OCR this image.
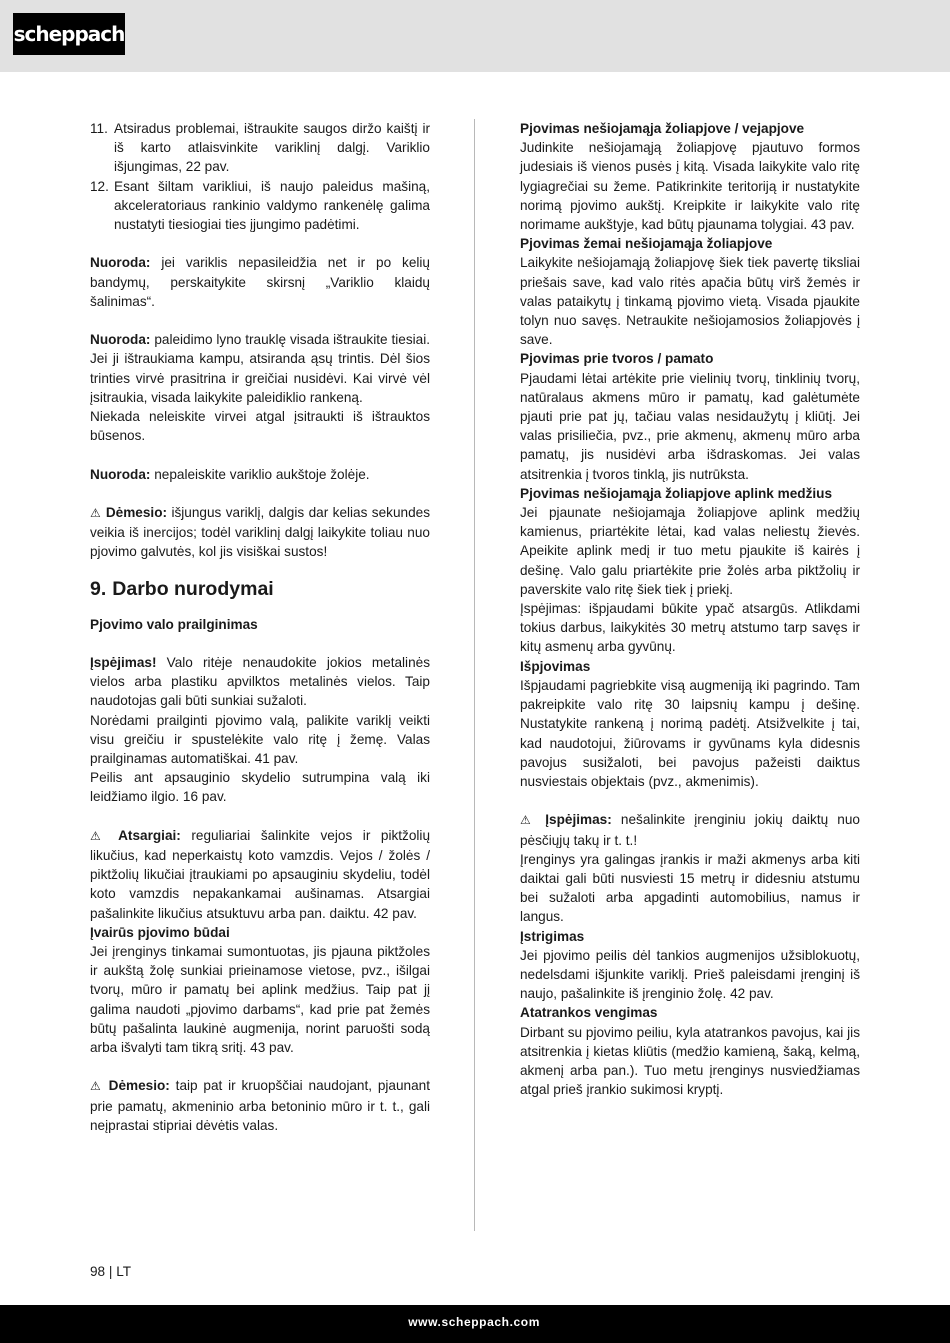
scheppach
11. Atsiradus problemai, ištraukite saugos diržo kaištį ir iš karto atlaisvinkite variklinį dalgį. Variklio išjungimas, 22 pav.
12. Esant šiltam varikliui, iš naujo paleidus mašiną, akceleratoriaus rankinio valdymo rankenėlę galima nustatyti tiesiogiai ties įjungimo padėtimi.

Nuoroda: jei variklis nepasileidžia net ir po kelių bandymų, perskaitykite skirsnį „Variklio klaidų šalinimas“.

Nuoroda: paleidimo lyno trauklę visada ištraukite tiesiai. Jei ji ištraukiama kampu, atsiranda ąsų trintis. Dėl šios trinties virvė prasitrina ir greičiai nusidėvi. Kai virvė vėl įsitraukia, visada laikykite paleidiklio rankeną.

Niekada neleiskite virvei atgal įsitraukti iš ištrauktos būsenos.

Nuoroda: nepaleiskite variklio aukštoje žolėje.

⚠ Dėmesio: išjungus variklį, dalgis dar kelias sekundes veikia iš inercijos; todėl variklinį dalgį laikykite toliau nuo pjovimo galvutės, kol jis visiškai sustos!

9. Darbo nurodymai

Pjovimo valo prailginimas

Įspėjimas! Valo ritėje nenaudokite jokios metalinės vielos arba plastiku apvilktos metalinės vielos. Taip naudotojas gali būti sunkiai sužaloti.

Norėdami prailginti pjovimo valą, palikite variklį veikti visu greičiu ir spustelėkite valo ritę į žemę. Valas prailginamas automatiškai. 41 pav.

Peilis ant apsauginio skydelio sutrumpina valą iki leidžiamo ilgio. 16 pav.

⚠ Atsargiai: reguliariai šalinkite vejos ir piktžolių likučius, kad neperkaistų koto vamzdis. Vejos / žolės / piktžolių likučiai įtraukiami po apsauginiu skydeliu, todėl koto vamzdis nepakankamai aušinamas. Atsargiai pašalinkite likučius atsuktuvu arba pan. daiktu. 42 pav.

Įvairūs pjovimo būdai

Jei įrenginys tinkamai sumontuotas, jis pjauna piktžoles ir aukštą žolę sunkiai prieinamose vietose, pvz., išilgai tvorų, mūro ir pamatų bei aplink medžius. Taip pat jį galima naudoti „pjovimo darbams“, kad prie pat žemės būtų pašalinta laukinė augmenija, norint paruošti sodą arba išvalyti tam tikrą sritį. 43 pav.

⚠ Dėmesio: taip pat ir kruopščiai naudojant, pjaunant prie pamatų, akmeninio arba betoninio mūro ir t. t., gali neįprastai stipriai dėvėtis valas.

Pjovimas nešiojamąja žoliapjove / vejapjove

Judinkite nešiojamąją žoliapjovę pjautuvo formos judesiais iš vienos pusės į kitą. Visada laikykite valo ritę lygiagrečiai su žeme. Patikrinkite teritoriją ir nustatykite norimą pjovimo aukštį. Kreipkite ir laikykite valo ritę norimame aukštyje, kad būtų pjaunama tolygiai. 43 pav.

Pjovimas žemai nešiojamąja žoliapjove

Laikykite nešiojamąją žoliapjovę šiek tiek pavertę tiksliai priešais save, kad valo ritės apačia būtų virš žemės ir valas pataikytų į tinkamą pjovimo vietą. Visada pjaukite tolyn nuo savęs. Netraukite nešiojamosios žoliapjovės į save.

Pjovimas prie tvoros / pamato

Pjaudami lėtai artėkite prie vielinių tvorų, tinklinių tvorų, natūralaus akmens mūro ir pamatų, kad galėtumėte pjauti prie pat jų, tačiau valas nesidaužytų į kliūtį. Jei valas prisiliečia, pvz., prie akmenų, akmenų mūro arba pamatų, jis nusidėvi arba išdraskomas. Jei valas atsitrenkia į tvoros tinklą, jis nutrūksta.

Pjovimas nešiojamąja žoliapjove aplink medžius

Jei pjaunate nešiojamąja žoliapjove aplink medžių kamienus, priartėkite lėtai, kad valas neliestų žievės. Apeikite aplink medį ir tuo metu pjaukite iš kairės į dešinę. Valo galu priartėkite prie žolės arba piktžolių ir paverskite valo ritę šiek tiek į priekį.

Įspėjimas: išpjaudami būkite ypač atsargūs. Atlikdami tokius darbus, laikykitės 30 metrų atstumo tarp savęs ir kitų asmenų arba gyvūnų.

Išpjovimas

Išpjaudami pagriebkite visą augmeniją iki pagrindo. Tam pakreipkite valo ritę 30 laipsnių kampu į dešinę. Nustatykite rankeną į norimą padėtį. Atsižvelkite į tai, kad naudotojui, žiūrovams ir gyvūnams kyla didesnis pavojus susižaloti, bei pavojus pažeisti daiktus nusviestais objektais (pvz., akmenimis).

⚠ Įspėjimas: nešalinkite įrenginiu jokių daiktų nuo pėsčiųjų takų ir t. t.!

Įrenginys yra galingas įrankis ir maži akmenys arba kiti daiktai gali būti nusviesti 15 metrų ir didesniu atstumu bei sužaloti arba apgadinti automobilius, namus ir langus.

Įstrigimas

Jei pjovimo peilis dėl tankios augmenijos užsiblokuotų, nedelsdami išjunkite variklį. Prieš paleisdami įrenginį iš naujo, pašalinkite iš įrenginio žolę. 42 pav.

Atatrankos vengimas

Dirbant su pjovimo peiliu, kyla atatrankos pavojus, kai jis atsitrenkia į kietas kliūtis (medžio kamieną, šaką, kelmą, akmenį arba pan.). Tuo metu įrenginys nusviedžiamas atgal prieš įrankio sukimosi kryptį.

98 | LT
www.scheppach.com
